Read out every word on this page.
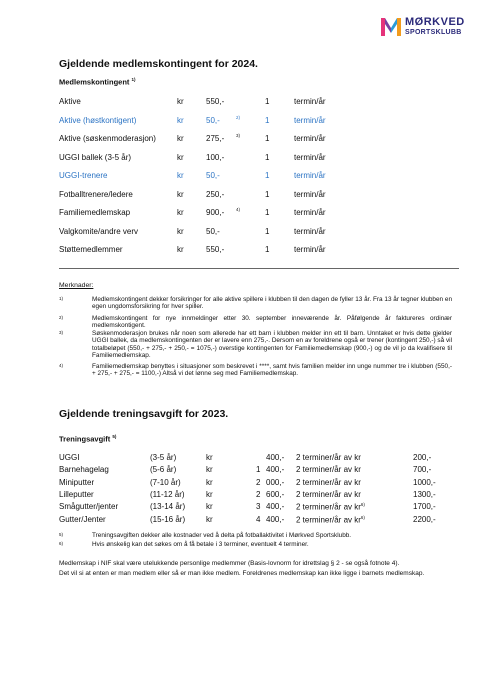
MØRKVED
SPORTSKLUBB
Gjeldende medlemskontingent for 2024.
Medlemskontingent $^{1)}$
Aktive	kr	550,-	1	termin/år
Aktive (høstkontigent)	kr	50,-	2)	1	termin/år
Aktive (søskenmoderasjon)	kr	275,-	3)	1	termin/år
UGGI ballek (3-5 år)	kr	100,-	1	termin/år
UGGI-trenere	kr	50,-	1	termin/år
Fotballtrenere/ledere	kr	250,-	1	termin/år
Familiemedlemskap	kr	900,-	4)	1	termin/år
Valgkomite/andre verv	kr	50,-	1	termin/år
Støttemedlemmer	kr	550,-	1	termin/år
Merknader:
1)	Medlemskontingent dekker forsikringer for alle aktive spillere i klubben til den dagen de fyller 13 år. Fra 13 år tegner klubben en egen ungdomsforsikring for hver spiller.
2)	Medlemskontingent for nye innmeldinger etter 30. september inneværende år. Påfølgende år faktureres ordinær medlemskontigent.
3)	Søskenmoderasjon brukes når noen som allerede har ett barn i klubben melder inn ett til barn. Unntaket er hvis dette gjelder UGGI ballek, da medlemskontingenten der er lavere enn 275,-. Dersom en av foreldrene også er trener (kontingent 250,-) så vil totalbeløpet (550,- + 275,- + 250,- = 1075,-) overstige kontingenten for Familiemedlemskap (900,-) og de vil jo da kvalifisere til Familiemedlemskap.
4)	Familiemedlemskap benyttes i situasjoner som beskrevet i ****, samt hvis familien melder inn unge nummer tre i klubben (550,- + 275,- + 275,- = 1100,-) Altså vi det lønne seg med Familiemedlemskap.
Gjeldende treningsavgift for 2023.
Treningsavgift $^{5)}$
UGGI	(3-5 år)	kr	400,- 2 terminer/år av kr	200,-
Barnehagelag	(5-6 år)	kr	1 400,- 2 terminer/år av kr	700,-
Miniputter	(7-10 år)	kr	2 000,- 2 terminer/år av kr	1000,-
Lilleputter	(11-12 år)	kr	2 600,- 2 terminer/år av kr	1300,-
Smågutter/jenter	(13-14 år)	kr	3 400,- 2 terminer/år av $kr^{6)}$	1700,-
Gutter/Jenter	(15-16 år)	kr	4 400,- 2 terminer/år av $kr^{6)}$	2200,-
5)	Treningsavgiften dekker alle kostnader ved å delta på fotballaktivitet i Mørkved Sportsklubb.
6)	Hvis ønskelig kan det søkes om å få betale i 3 terminer, eventuelt 4 terminer.
Medlemskap i NIF skal være utelukkende personlige medlemmer (Basis-lovnorm for idrettslag § 2 - se også fotnote 4).
Det vil si at enten er man medlem eller så er man ikke medlem. Foreldrenes medlemskap kan ikke ligge i barnets medlemskap.
